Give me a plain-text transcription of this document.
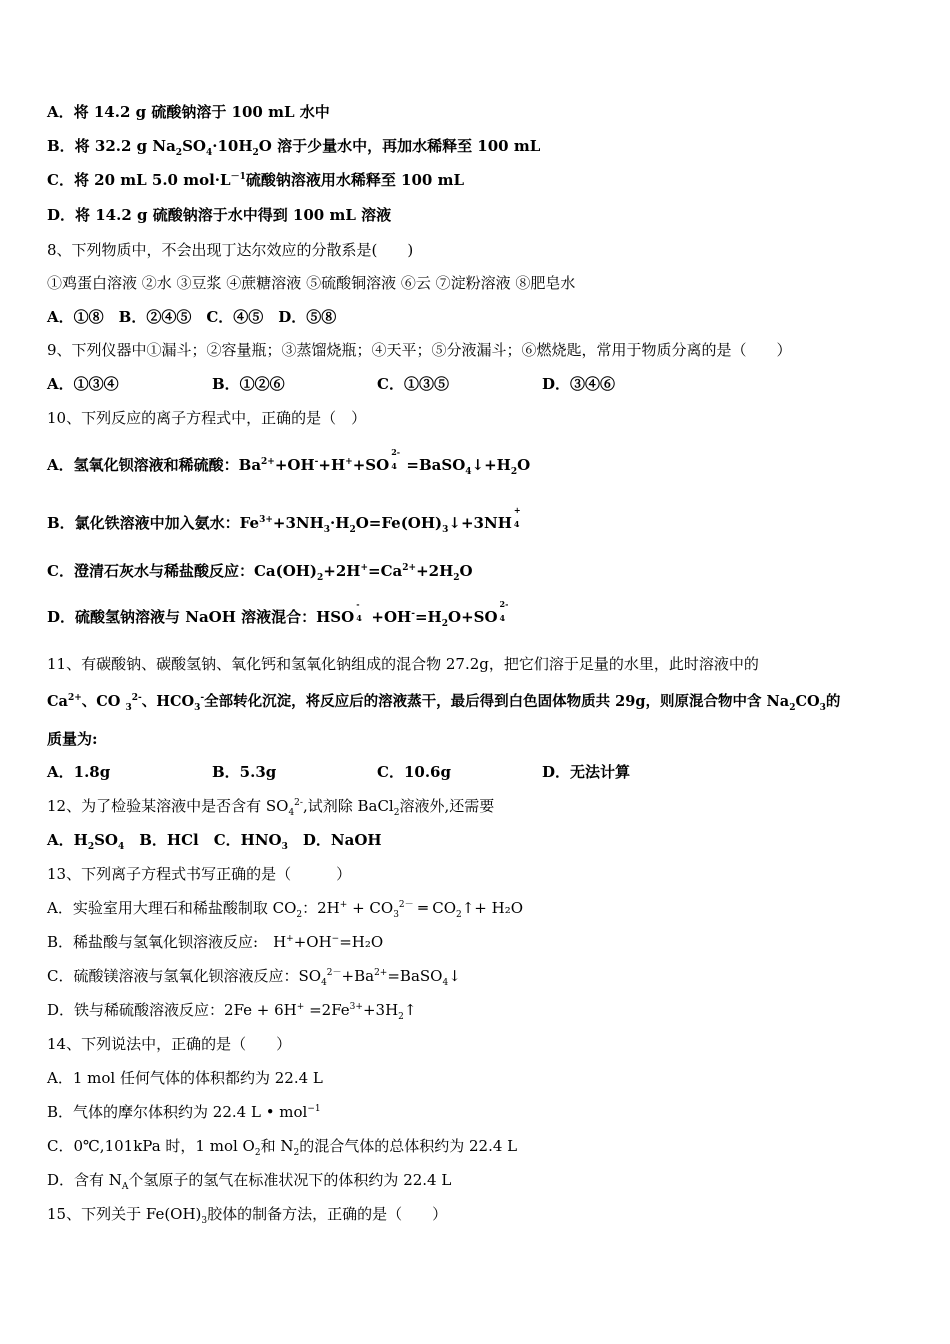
A．将 14.2 g 硫酸钠溶于 100 mL 水中
B．将 32.2 g $Na_2SO_4\cdot 10H_2O$ 溶于少量水中，再加水稀释至 100 mL
C．将 20 mL 5.0 $mol\cdot L^{-1}$硫酸钠溶液用水稀释至 100 mL
D．将 14.2 g 硫酸钠溶于水中得到 100 mL 溶液
8、下列物质中，不会出现丁达尔效应的分散系是(　　)
①鸡蛋白溶液 ②水 ③豆浆 ④蔗糖溶液 ⑤硫酸铜溶液 ⑥云 ⑦淀粉溶液 ⑧肥皂水
A．①⑧　B．②④⑤　C．④⑤　D．⑤⑧
9、下列仪器中①漏斗；②容量瓶；③蒸馏烧瓶；④天平；⑤分液漏斗；⑥燃烧匙，常用于物质分离的是（　　）
A．①③④	B．①②⑥	C．①③⑤	D．③④⑥
10、下列反应的离子方程式中，正确的是（　）
A．氢氧化钡溶液和稀硫酸：$Ba^{2+}+OH^-+H^++SO$
2-
$4 =BaSO_4↓+H_2O$
B．氯化铁溶液中加入氨水：$Fe^{3+}+3NH_3\cdot H_2O=Fe(OH)_3↓+3NH$
+
4
C．澄清石灰水与稀盐酸反应：$Ca(OH)_2+2H^+=Ca^{2+}+2H_2O$
D．硫酸氢钠溶液与 NaOH 溶液混合：HSO
-
$4 +OH^-=H_2O+SO$
2-
4
11、有碳酸钠、碳酸氢钠、氧化钙和氢氧化钠组成的混合物 27.2g，把它们溶于足量的水里，此时溶液中的
$Ca^{2+}$、CO $_3^{2-}$、$HCO_3^-$全部转化沉淀，将反应后的溶液蒸干，最后得到白色固体物质共 29g，则原混合物中含 $Na_2CO_3$的
质量为:
A．1.8g	B．5.3g	C．10.6g	D．无法计算
12、为了检验某溶液中是否含有 $SO_4^{2-}$,试剂除 BaCl$_2$溶液外,还需要
A．$H_2SO_4$　B．HCl　C．$HNO_3$　D．NaOH
13、下列离子方程式书写正确的是（　　　）
A．实验室用大理石和稀盐酸制取 $CO_2$：$2H^+ + CO_3^{2-}$ ═ $CO_2↑+ H_2O$
B．稀盐酸与氢氧化钡溶液反应:　H++OH−=H₂O
C．硫酸镁溶液与氢氧化钡溶液反应：$SO_4^{2-}+Ba^{2+}=BaSO_4↓$
D．铁与稀硫酸溶液反应：$2Fe + 6H^+ =2Fe^{3+}+3H_2↑$
14、下列说法中，正确的是（　　）
A．1 mol 任何气体的体积都约为 22.4 L
B．气体的摩尔体积约为 22.4 L • mol$^{-1}$
C．0℃,101kPa 时，1 mol $O_2$和 $N_2$的混合气体的总体积约为 22.4 L
D．含有 $N_A$个氢原子的氢气在标准状况下的体积约为 22.4 L
15、下列关于 $Fe(OH)_3$胶体的制备方法，正确的是（　　）
